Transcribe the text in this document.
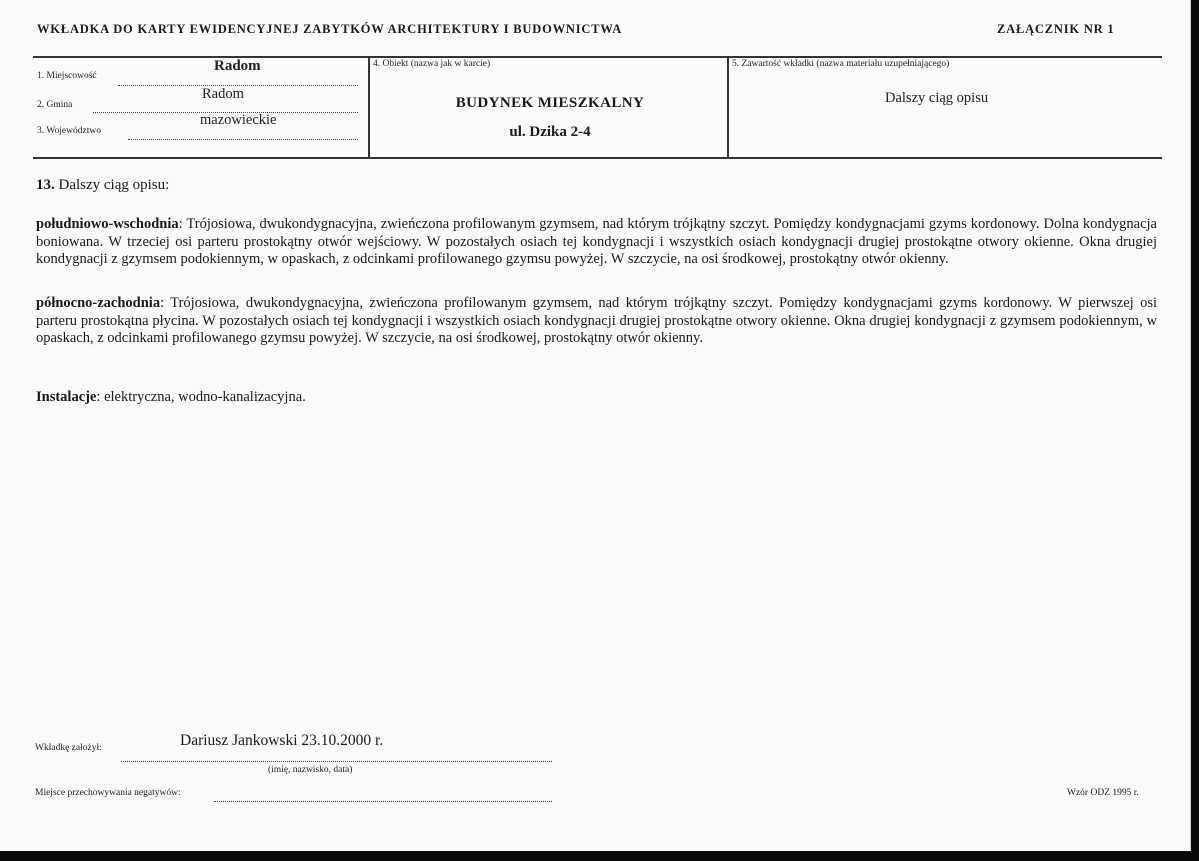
WKŁADKA DO KARTY EWIDENCYJNEJ ZABYTKÓW ARCHITEKTURY I BUDOWNICTWA	ZAŁĄCZNIK NR 1
1. Miejscowość
Radom
2. Gmina
Radom
3. Województwo
mazowieckie
4. Obiekt (nazwa jak w karcie)
BUDYNEK MIESZKALNY
ul. Dzika 2-4
5. Zawartość wkładki (nazwa materiału uzupełniającego)
Dalszy ciąg opisu
13. Dalszy ciąg opisu:
południowo-wschodnia: Trójosiowa, dwukondygnacyjna, zwieńczona profilowanym gzymsem, nad którym trójkątny szczyt. Pomiędzy kondygnacjami gzyms kordonowy. Dolna kondygnacja boniowana. W trzeciej osi parteru prostokątny otwór wejściowy. W pozostałych osiach tej kondygnacji i wszystkich osiach kondygnacji drugiej prostokątne otwory okienne. Okna drugiej kondygnacji z gzymsem podokiennym, w opaskach, z odcinkami profilowanego gzymsu powyżej. W szczycie, na osi środkowej, prostokątny otwór okienny.
północno-zachodnia: Trójosiowa, dwukondygnacyjna, zwieńczona profilowanym gzymsem, nad którym trójkątny szczyt. Pomiędzy kondygnacjami gzyms kordonowy. W pierwszej osi parteru prostokątna płycina. W pozostałych osiach tej kondygnacji i wszystkich osiach kondygnacji drugiej prostokątne otwory okienne. Okna drugiej kondygnacji z gzymsem podokiennym, w opaskach, z odcinkami profilowanego gzymsu powyżej. W szczycie, na osi środkowej, prostokątny otwór okienny.
Instalacje: elektryczna, wodno-kanalizacyjna.
Wkładkę założył:	Dariusz Jankowski 23.10.2000 r.
(imię, nazwisko, data)
Miejsce przechowywania negatywów:	Wzór ODZ 1995 r.
